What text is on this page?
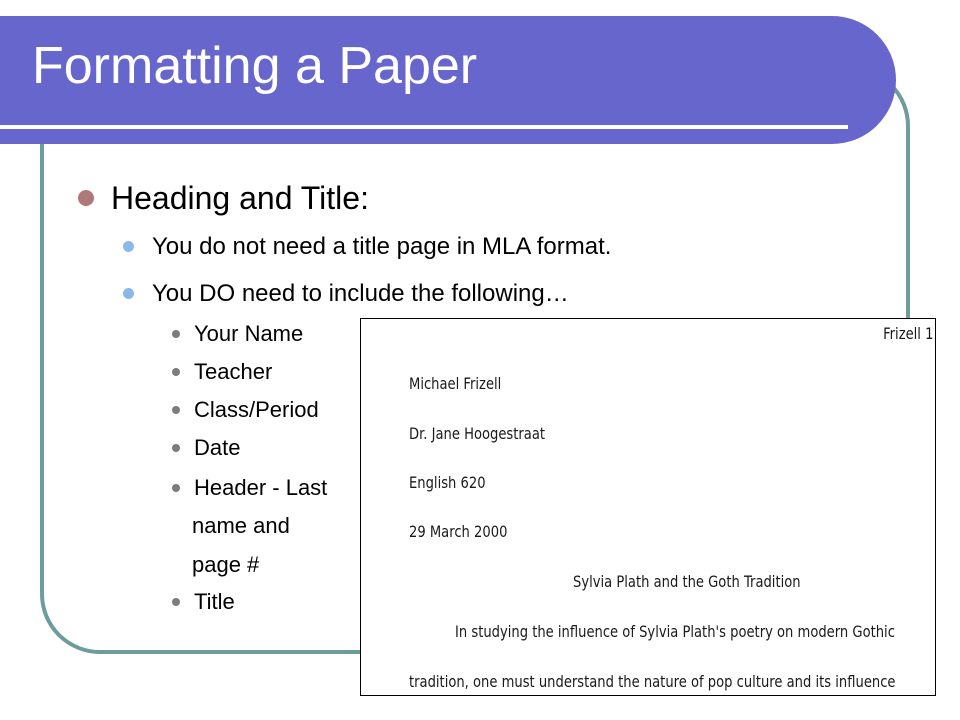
Formatting a Paper
Heading and Title:
You do not need a title page in MLA format.
You DO need to include the following…
Your Name
Teacher
Class/Period
Date
Header - Last
name and
page #
Title
Frizell 1
Michael Frizell
Dr. Jane Hoogestraat
English 620
29 March 2000
Sylvia Plath and the Goth Tradition
In studying the influence of Sylvia Plath's poetry on modern Gothic
tradition, one must understand the nature of pop culture and its influence
